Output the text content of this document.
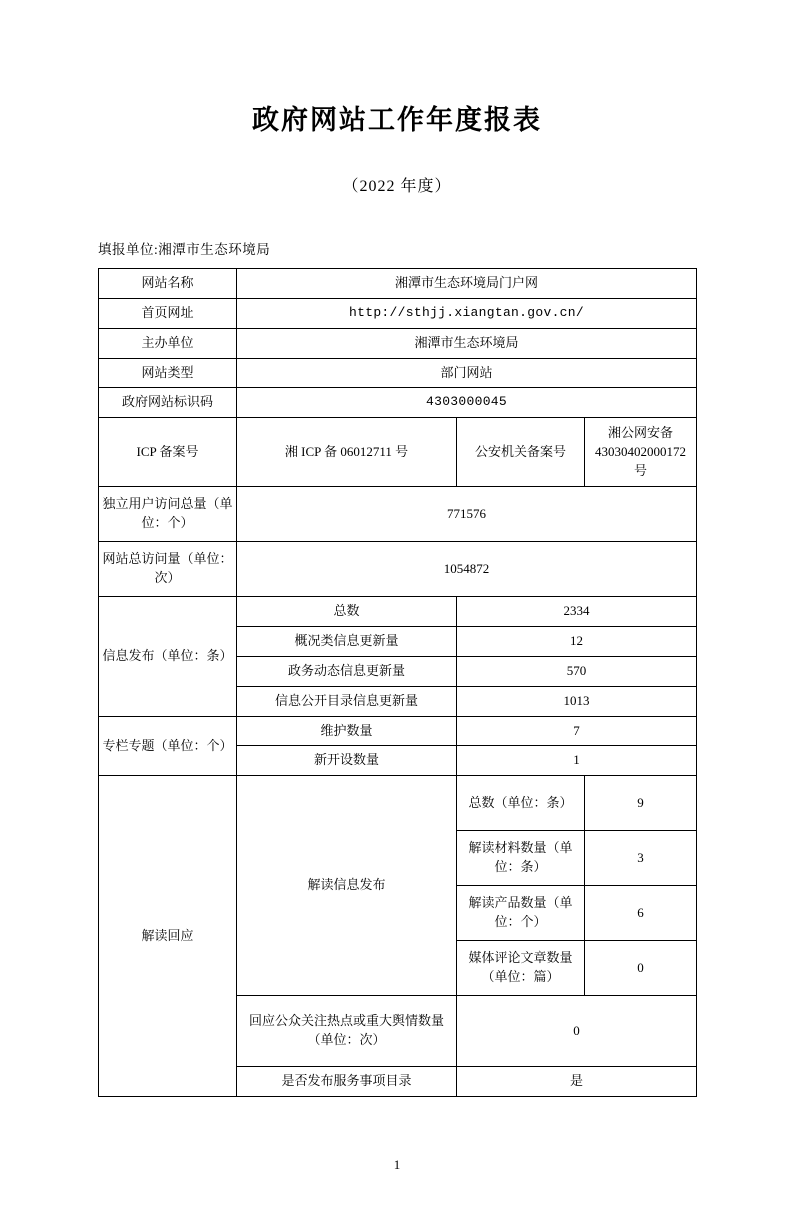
政府网站工作年度报表
（2022 年度）
填报单位:湘潭市生态环境局
网站名称	湘潭市生态环境局门户网		
首页网址	http://sthjj.xiangtan.gov.cn/		
主办单位	湘潭市生态环境局		
网站类型	部门网站		
政府网站标识码	4303000045		
ICP 备案号	湘 ICP 备 06012711 号	公安机关备案号	湘公网安备 43030402000172 号
独立用户访问总量（单位：个）	771576		
网站总访问量（单位：次）	1054872		
信息发布（单位：条）	总数	2334	
	概况类信息更新量	12	
	政务动态信息更新量	570	
	信息公开目录信息更新量	1013	
专栏专题（单位：个）	维护数量	7	
	新开设数量	1	
解读回应	解读信息发布	总数（单位：条）	9
		解读材料数量（单位：条）	3
		解读产品数量（单位：个）	6
		媒体评论文章数量（单位：篇）	0
	回应公众关注热点或重大舆情数量（单位：次）	0	
	是否发布服务事项目录	是	
1
